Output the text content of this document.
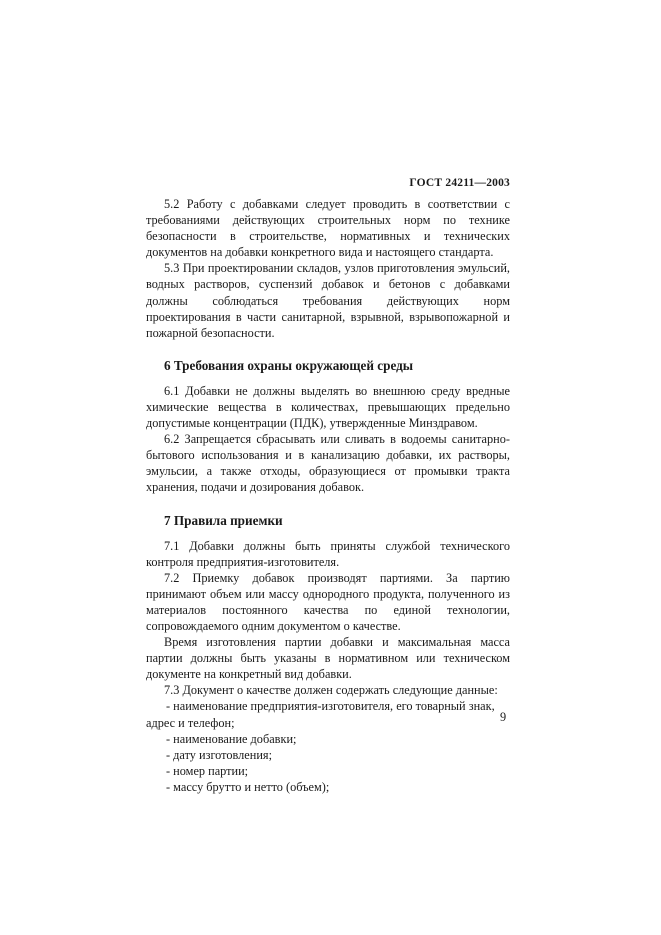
ГОСТ 24211—2003

5.2 Работу с добавками следует проводить в соответствии с требованиями действующих строительных норм по технике безопасности в строительстве, нормативных и технических документов на добавки конкретного вида и настоящего стандарта.

5.3 При проектировании складов, узлов приготовления эмульсий, водных растворов, суспензий добавок и бетонов с добавками должны соблюдаться требования действующих норм проектирования в части санитарной, взрывной, взрывопожарной и пожарной безопасности.

6 Требования охраны окружающей среды

6.1 Добавки не должны выделять во внешнюю среду вредные химические вещества в количествах, превышающих предельно допустимые концентрации (ПДК), утвержденные Минздравом.

6.2 Запрещается сбрасывать или сливать в водоемы санитарно-бытового использования и в канализацию добавки, их растворы, эмульсии, а также отходы, образующиеся от промывки тракта хранения, подачи и дозирования добавок.

7 Правила приемки

7.1 Добавки должны быть приняты службой технического контроля предприятия-изготовителя.

7.2 Приемку добавок производят партиями. За партию принимают объем или массу однородного продукта, полученного из материалов постоянного качества по единой технологии, сопровождаемого одним документом о качестве.

Время изготовления партии добавки и максимальная масса партии должны быть указаны в нормативном или техническом документе на конкретный вид добавки.

7.3 Документ о качестве должен содержать следующие данные:

- наименование предприятия-изготовителя, его товарный знак, адрес и телефон;
- наименование добавки;
- дату изготовления;
- номер партии;
- массу брутто и нетто (объем);
9
